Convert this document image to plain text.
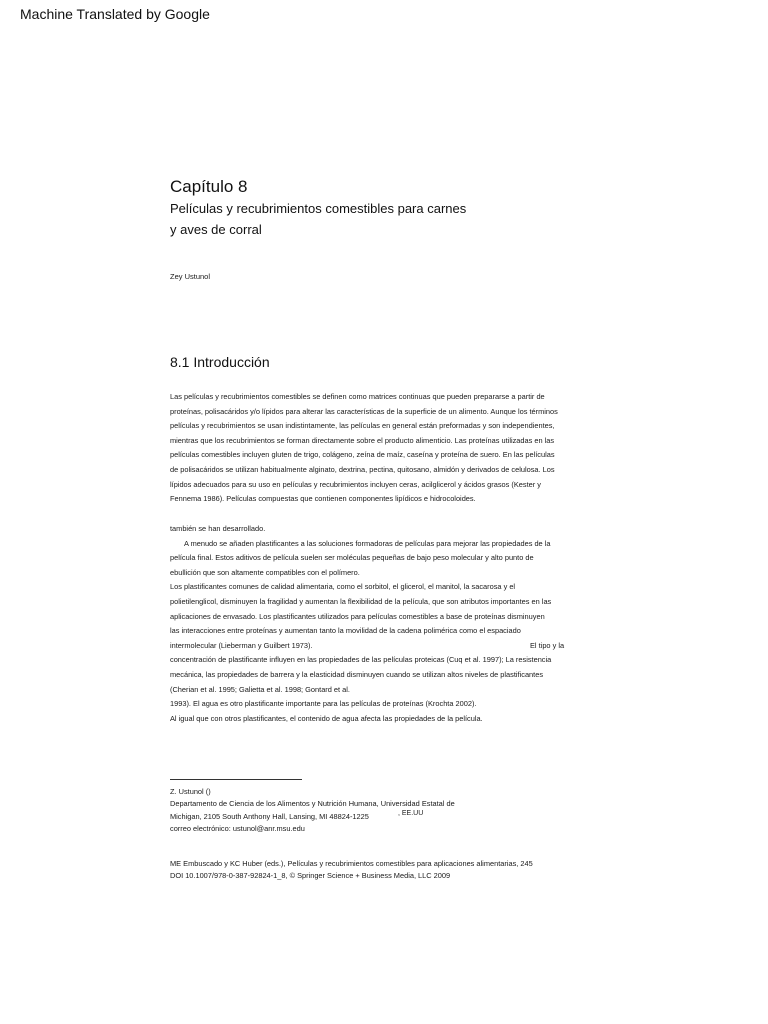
Machine Translated by Google
Capítulo 8
Películas y recubrimientos comestibles para carnes
y aves de corral
Zey Ustunol
8.1 Introducción

Las películas y recubrimientos comestibles se definen como matrices continuas que pueden prepararse a partir de
proteínas, polisacáridos y/o lípidos para alterar las características de la superficie de un alimento. Aunque los términos
películas y recubrimientos se usan indistintamente, las películas en general están preformadas y son independientes,
mientras que los recubrimientos se forman directamente sobre el producto alimenticio. Las proteínas utilizadas en las
películas comestibles incluyen gluten de trigo, colágeno, zeína de maíz, caseína y proteína de suero. En las películas
de polisacáridos se utilizan habitualmente alginato, dextrina, pectina, quitosano, almidón y derivados de celulosa. Los
lípidos adecuados para su uso en películas y recubrimientos incluyen ceras, acilglicerol y ácidos grasos (Kester y
Fennema 1986). Películas compuestas que contienen componentes lipídicos e hidrocoloides.

también se han desarrollado.
A menudo se añaden plastificantes a las soluciones formadoras de películas para mejorar las propiedades de la
película final. Estos aditivos de película suelen ser moléculas pequeñas de bajo peso molecular y alto punto de
ebullición que son altamente compatibles con el polímero.
Los plastificantes comunes de calidad alimentaria, como el sorbitol, el glicerol, el manitol, la sacarosa y el
polietilenglicol, disminuyen la fragilidad y aumentan la flexibilidad de la película, que son atributos importantes en las
aplicaciones de envasado. Los plastificantes utilizados para películas comestibles a base de proteínas disminuyen
las interacciones entre proteínas y aumentan tanto la movilidad de la cadena polimérica como el espaciado
intermolecular (Lieberman y Guilbert 1973).
concentración de plastificante influyen en las propiedades de las películas proteicas (Cuq et al. 1997); La resistencia
mecánica, las propiedades de barrera y la elasticidad disminuyen cuando se utilizan altos niveles de plastificantes
(Cherian et al. 1995; Galietta et al. 1998; Gontard et al.
1993). El agua es otro plastificante importante para las películas de proteínas (Krochta 2002).
Al igual que con otros plastificantes, el contenido de agua afecta las propiedades de la película.

El tipo y la

Z. Ustunol ()
Departamento de Ciencia de los Alimentos y Nutrición Humana, Universidad Estatal de
Michigan, 2105 South Anthony Hall, Lansing, MI 48824-1225
correo electrónico: ustunol@anr.msu.edu

, EE.UU

ME Embuscado y KC Huber (eds.), Películas y recubrimientos comestibles para aplicaciones alimentarias, 245
DOI 10.1007/978-0-387-92824-1_8, © Springer Science + Business Media, LLC 2009
